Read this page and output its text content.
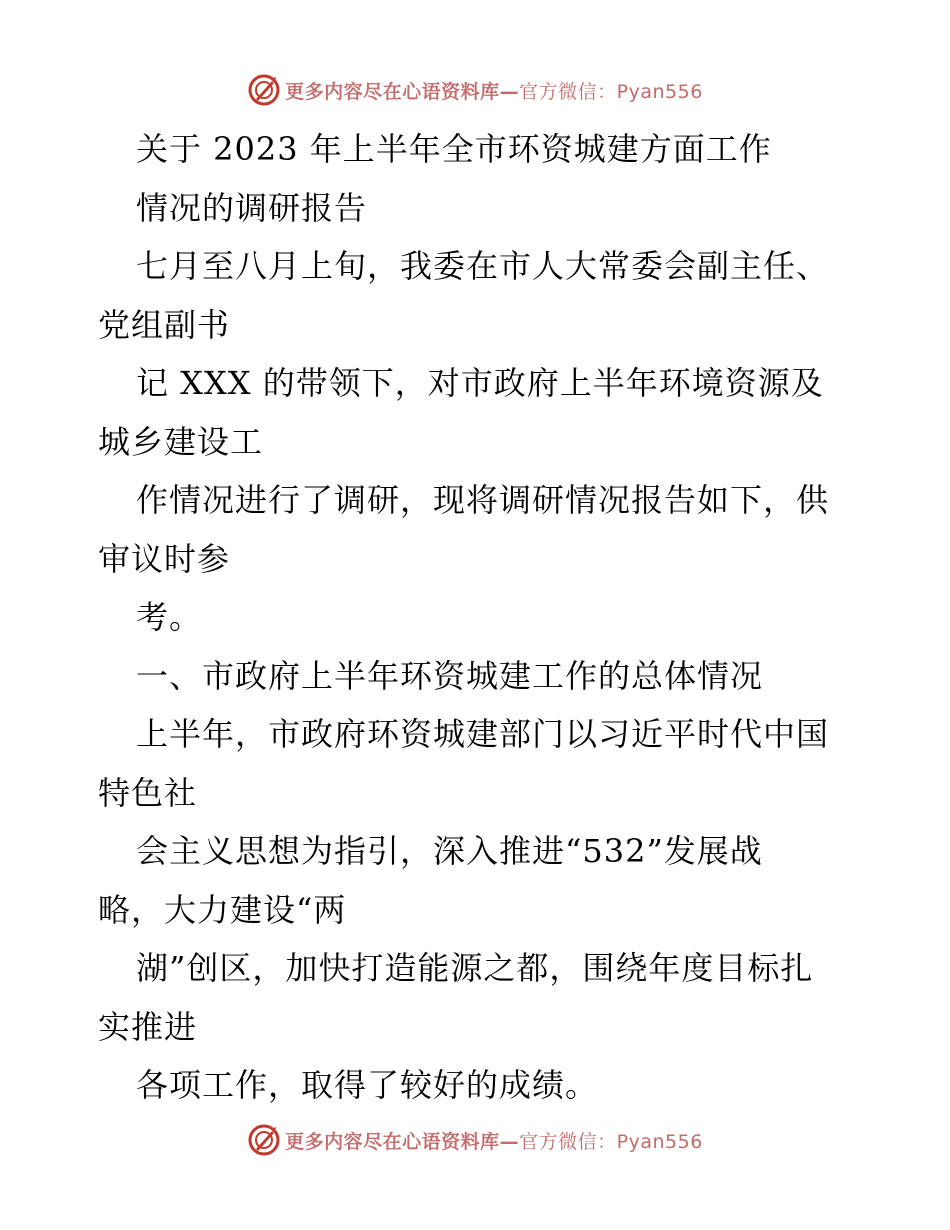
更多内容尽在心语资料库—官方微信：Pyan556
关于 2023 年上半年全市环资城建方面工作
情况的调研报告
七月至八月上旬，我委在市人大常委会副主任、
党组副书
记 XXX 的带领下，对市政府上半年环境资源及
城乡建设工
作情况进行了调研，现将调研情况报告如下，供
审议时参
考。
一、市政府上半年环资城建工作的总体情况
上半年，市政府环资城建部门以习近平时代中国
特色社
会主义思想为指引，深入推进“532”发展战
略，大力建设“两
湖”创区，加快打造能源之都，围绕年度目标扎
实推进
各项工作，取得了较好的成绩。
更多内容尽在心语资料库—官方微信：Pyan556
